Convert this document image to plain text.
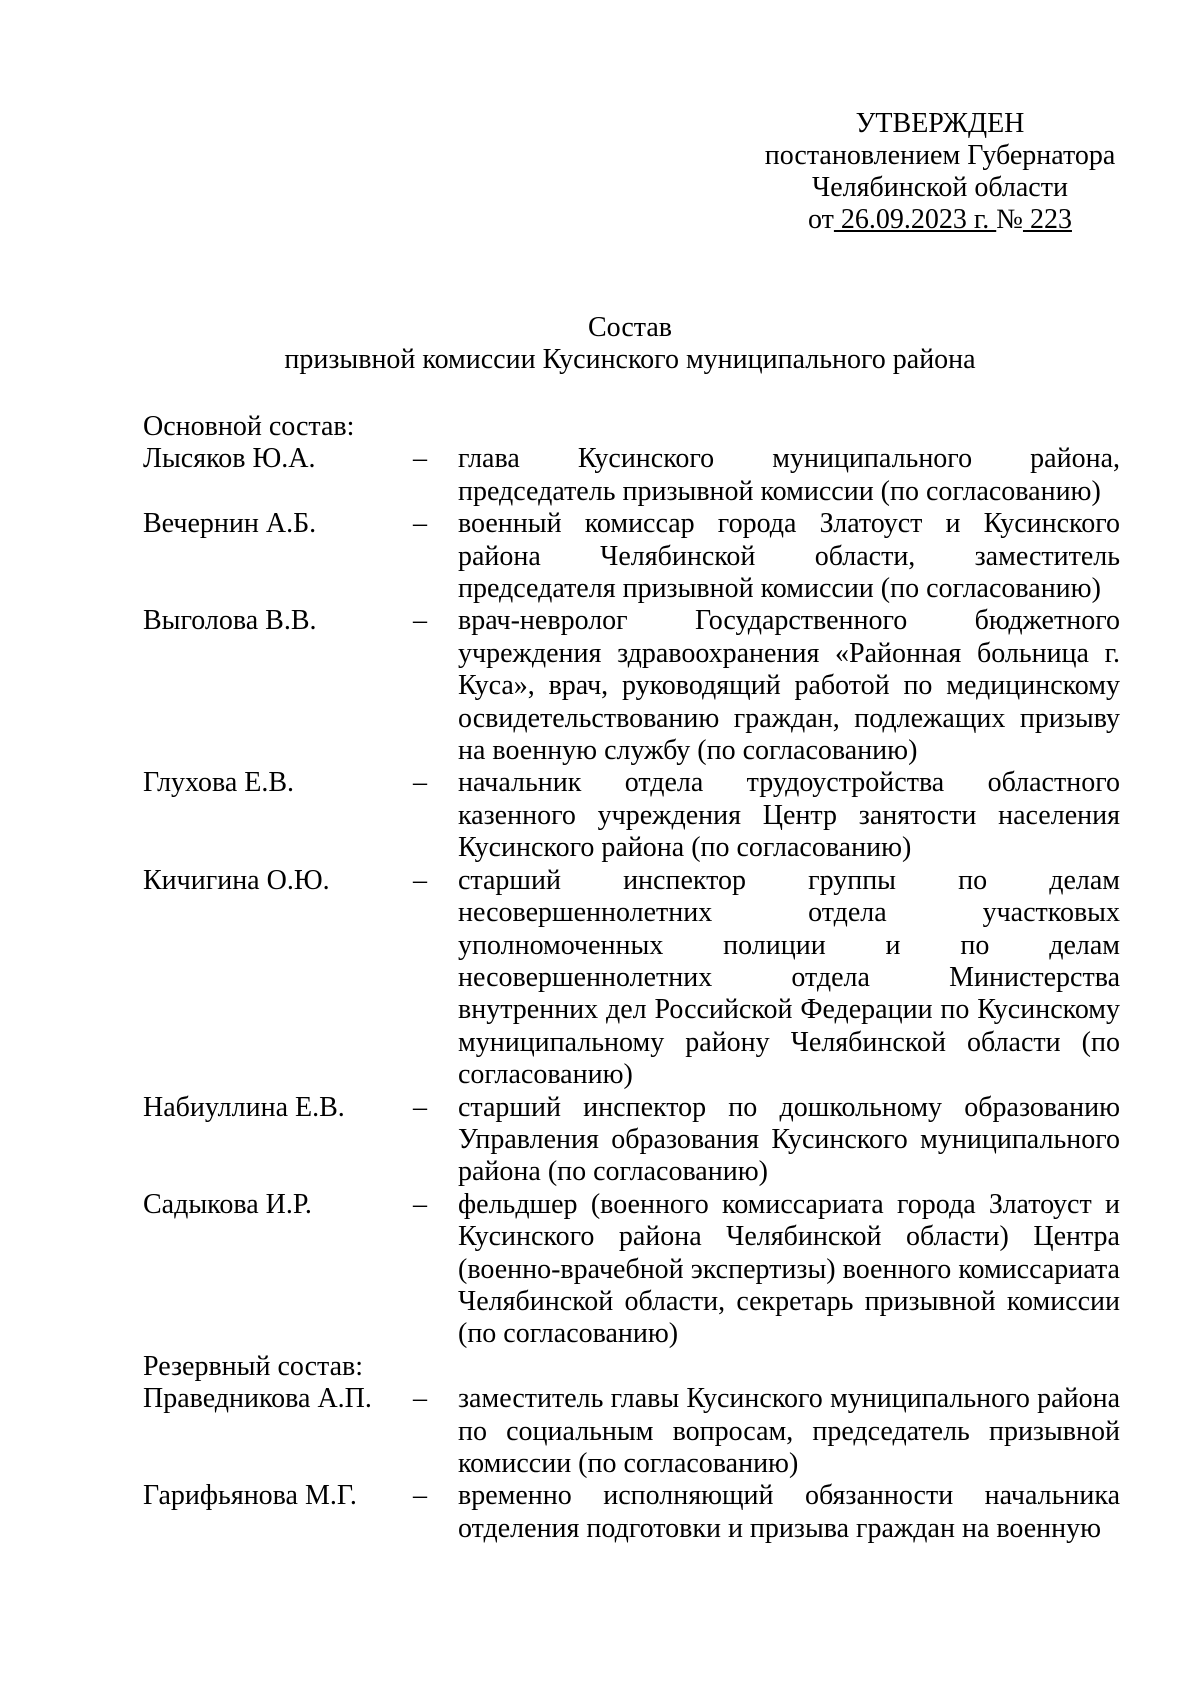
УТВЕРЖДЕН
постановлением Губернатора
Челябинской области
от 26.09.2023 г. № 223
Состав
призывной комиссии Кусинского муниципального района
Основной состав:
Лысяков Ю.А.	– глава Кусинского муниципального района, председатель призывной комиссии (по согласованию)
Вечернин А.Б.	– военный комиссар города Златоуст и Кусинского района Челябинской области, заместитель председателя призывной комиссии (по согласованию)
Выголова В.В.	– врач-невролог Государственного бюджетного учреждения здравоохранения «Районная больница г. Куса», врач, руководящий работой по медицинскому освидетельствованию граждан, подлежащих призыву на военную службу (по согласованию)
Глухова Е.В.	– начальник отдела трудоустройства областного казенного учреждения Центр занятости населения Кусинского района (по согласованию)
Кичигина О.Ю.	– старший инспектор группы по делам несовершеннолетних отдела участковых уполномоченных полиции и по делам несовершеннолетних отдела Министерства внутренних дел Российской Федерации по Кусинскому муниципальному району Челябинской области (по согласованию)
Набиуллина Е.В. – старший инспектор по дошкольному образованию Управления образования Кусинского муниципального района (по согласованию)
Садыкова И.Р.	– фельдшер (военного комиссариата города Златоуст и Кусинского района Челябинской области) Центра (военно-врачебной экспертизы) военного комиссариата Челябинской области, секретарь призывной комиссии (по согласованию)
Резервный состав:
Праведникова А.П. – заместитель главы Кусинского муниципального района по социальным вопросам, председатель призывной комиссии (по согласованию)
Гарифьянова М.Г. – временно исполняющий обязанности начальника отделения подготовки и призыва граждан на военную
